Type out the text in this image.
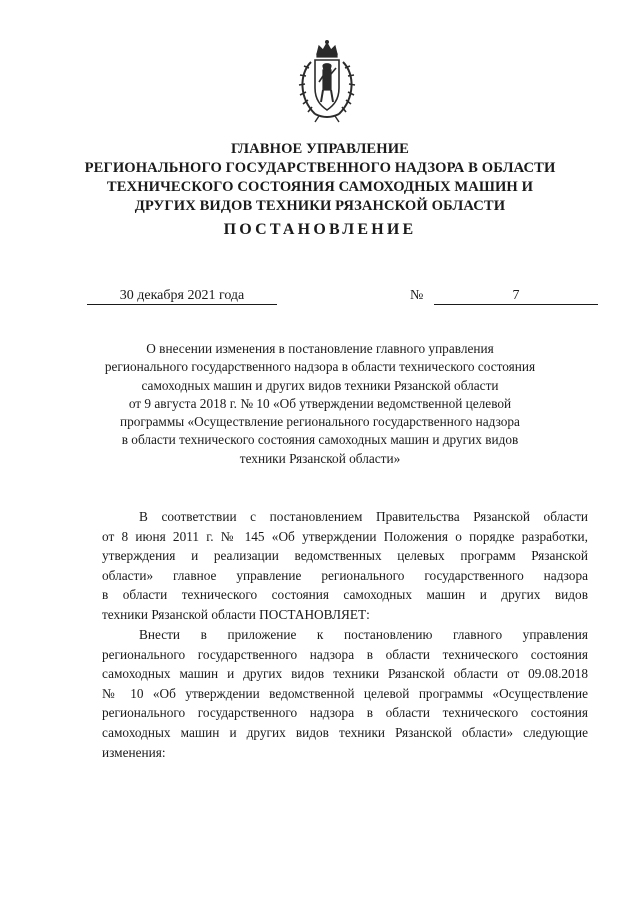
ГЛАВНОЕ УПРАВЛЕНИЕ
РЕГИОНАЛЬНОГО ГОСУДАРСТВЕННОГО НАДЗОРА В ОБЛАСТИ
ТЕХНИЧЕСКОГО СОСТОЯНИЯ САМОХОДНЫХ МАШИН И
ДРУГИХ ВИДОВ ТЕХНИКИ РЯЗАНСКОЙ ОБЛАСТИ
ПОСТАНОВЛЕНИЕ
30 декабря 2021 года	№	7
О внесении изменения в постановление главного управления
регионального государственного надзора в области технического состояния
самоходных машин и других видов техники Рязанской области
от 9 августа 2018 г. № 10 «Об утверждении ведомственной целевой
программы «Осуществление регионального государственного надзора
в области технического состояния самоходных машин и других видов
техники Рязанской области»
В соответствии с постановлением Правительства Рязанской области
от 8 июня 2011 г. № 145 «Об утверждении Положения о порядке разработки,
утверждения и реализации ведомственных целевых программ Рязанской
области» главное управление регионального государственного надзора
в области технического состояния самоходных машин и других видов
техники Рязанской области ПОСТАНОВЛЯЕТ:
Внести в приложение к постановлению главного управления
регионального государственного надзора в области технического состояния
самоходных машин и других видов техники Рязанской области от 09.08.2018
№ 10 «Об утверждении ведомственной целевой программы «Осуществление
регионального государственного надзора в области технического состояния
самоходных машин и других видов техники Рязанской области» следующие
изменения:
